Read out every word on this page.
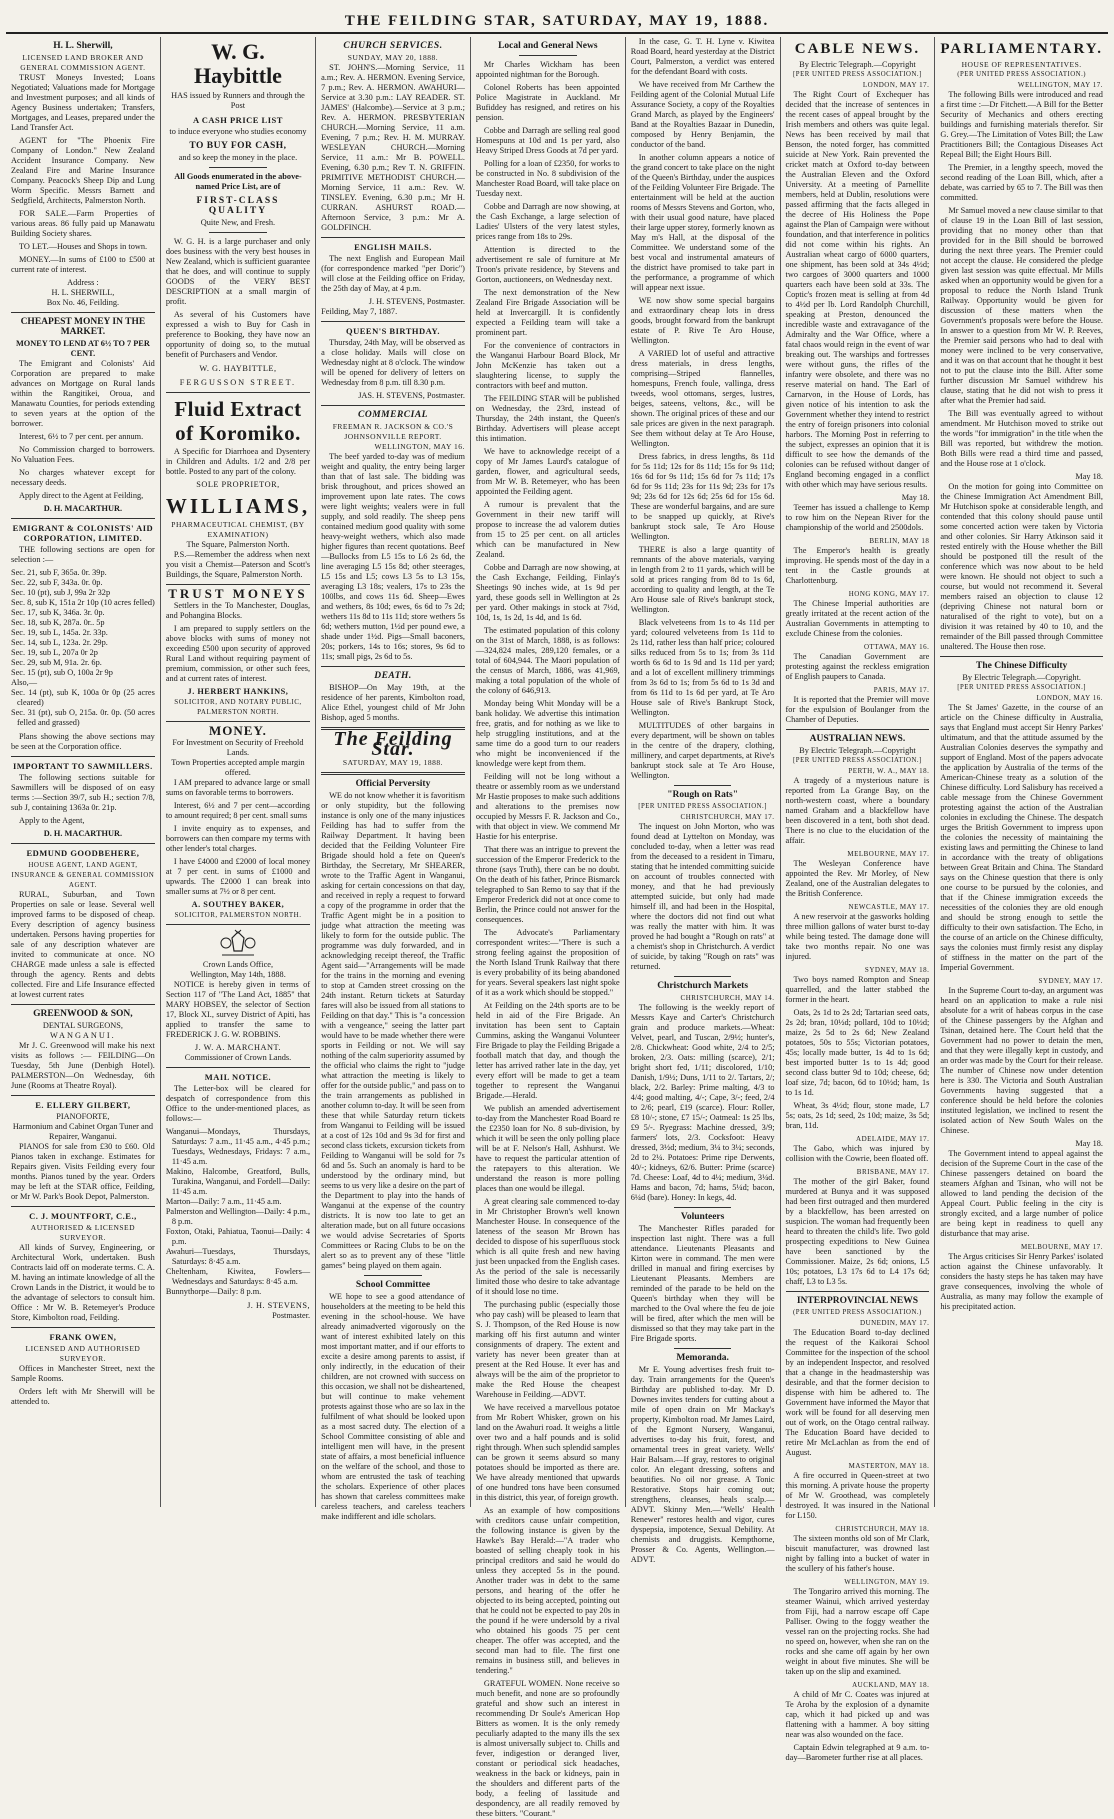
THE FEILDING STAR, SATURDAY, MAY 19, 1888.
H. L. Sherwill,
LICENSED LAND BROKER AND GENERAL COMMISSION AGENT.

TRUST Moneys Invested; Loans Negotiated; Valuations made for Mortgage and Investment purposes; and all kinds of Agency Business undertaken; Transfers, Mortgages, and Leases, prepared under the Land Transfer Act.

AGENT for "The Phoenix Fire Company of London." New Zealand Accident Insurance Company. New Zealand Fire and Marine Insurance Company. Peacock's Sheep Dip and Lung Worm Specific. Messrs Barnett and Sedgfield, Architects, Palmerston North.

FOR SALE.—Farm Properties of various areas. 86 fully paid up Manawatu Building Society shares.

TO LET.—Houses and Shops in town.

MONEY.—In sums of £100 to £500 at current rate of interest.

Address :
H. L. SHERWILL,
Box No. 46, Feilding.
CHEAPEST MONEY IN THE MARKET.
MONEY TO LEND AT 6½ TO 7 PER CENT.

The Emigrant and Colonists' Aid Corporation are prepared to make advances on Mortgage on Rural lands within the Rangitikei, Oroua, and Manawatu Counties, for periods extending to seven years at the option of the borrower.

Interest, 6½ to 7 per cent. per annum.

No Commission charged to borrowers. No Valuation Fees.

No charges whatever except for necessary deeds.

Apply direct to the Agent at Feilding,

D. H. MACARTHUR.
EMIGRANT & COLONISTS' AID CORPORATION, LIMITED.

THE following sections are open for selection :—

Sec. 21, sub F, 365a. 0r. 39p.
Sec. 22, sub F, 343a. 0r. 0p.
Sec. 10 (pt), sub J, 99a 2r 32p
Sec. 8, sub K, 151a 2r 10p (10 acres felled)
Sec. 17, sub K, 346a. 3r. 0p.
Sec. 18, sub K, 287a. 0r.. 5p
Sec. 19, sub L, 145a. 2r. 33p.
Sec. 14, sub L, 123a. 2r. 29p.
Sec. 19, sub L, 207a 0r 2p
Sec. 29, sub M, 91a. 2r. 6p.
Sec. 15 (pt), sub O, 100a 2r 9p
Also,—
Sec. 14 (pt), sub K, 100a 0r 0p (25 acres cleared)
Sec. 31 (pt), sub O, 215a. 0r. 0p. (50 acres felled and grassed)

Plans showing the above sections may be seen at the Corporation office.

IMPORTANT TO SAWMILLERS.

The following sections suitable for Sawmillers will be disposed of on easy terms :—Section 39/7, sub H.; section 7/8, sub J, containing 1363a 0r. 21p.

Apply to the Agent,

D. H. MACARTHUR.
EDMUND GOODBEHERE,
HOUSE AGENT, LAND AGENT, INSURANCE & GENERAL COMMISSION AGENT.

RURAL, Suburban, and Town Properties on sale or lease. Several well improved farms to be disposed of cheap. Every description of agency business undertaken. Persons having properties for sale of any description whatever are invited to communicate at once. NO CHARGE made unless a sale is effected through the agency. Rents and debts collected. Fire and Life Insurance effected at lowest current rates

GREENWOOD & SON,
DENTAL SURGEONS,
WANGANUI.

Mr J. C. Greenwood will make his next visits as follows :— FEILDING—On Tuesday, 5th June (Denbigh Hotel). PALMERSTON—On Wednesday, 6th June (Rooms at Theatre Royal).

E. ELLERY GILBERT,
PIANOFORTE,
Harmonium and Cabinet Organ Tuner and Repairer, Wanganui.

PIANOS for sale from £30 to £60. Old Pianos taken in exchange. Estimates for Repairs given. Visits Feilding every four months. Pianos tuned by the year. Orders may be left at the STAR office, Feilding, or Mr W. Park's Book Depot, Palmerston.

C. J. MOUNTFORT, C.E.,
AUTHORISED & LICENSED SURVEYOR.

All kinds of Survey, Engineering, or Architectural Work, undertaken. Bush Contracts laid off on moderate terms. C. A. M. having an intimate knowledge of all the Crown Lands in the District, it would be to the advantage of selectors to consult him. Office : Mr W. B. Retemeyer's Produce Store, Kimbolton road, Feilding.

FRANK OWEN,
LICENSED AND AUTHORISED SURVEYOR.

Offices in Manchester Street, next the Sample Rooms.

Orders left with Mr Sherwill will be attended to.

W. G. Haybittle
HAS issued by Runners and through the Post
A CASH PRICE LIST
to induce everyone who studies economy
TO BUY FOR CASH,
and so keep the money in the place.
All Goods enumerated in the above-named Price List, are of
FIRST-CLASS QUALITY
Quite New, and Fresh.

W. G. H. is a large purchaser and only does business with the very best houses in New Zealand, which is sufficient guarantee that he does, and will continue to supply GOODS of the VERY BEST DESCRIPTION at a small margin of profit.

As several of his Customers have expressed a wish to Buy for Cash in preference to Booking, they have now an opportunity of doing so, to the mutual benefit of Purchasers and Vendor.

W. G. HAYBITTLE,
FERGUSSON STREET.
Fluid Extract of Koromiko.

A Specific for Diarrhoea and Dysentery in Children and Adults. 1/2 and 2/8 per bottle. Posted to any part of the colony.

SOLE PROPRIETOR,
WILLIAMS,
PHARMACEUTICAL CHEMIST, (BY EXAMINATION)
The Square, Palmerston North.

P.S.—Remember the address when next you visit a Chemist—Paterson and Scott's Buildings, the Square, Palmerston North.

TRUST MONEYS

Settlers in the To Manchester, Douglas, and Pohangina Blocks.

I am prepared to supply settlers on the above blocks with sums of money not exceeding £500 upon security of approved Rural Land without requiring payment of premium, commission, or other such fees, and at current rates of interest.

J. HERBERT HANKINS,
SOLICITOR, AND NOTARY PUBLIC, PALMERSTON NORTH.
MONEY.
For Investment on Security of Freehold Lands.
Town Properties accepted ample margin offered.

I AM prepared to advance large or small sums on favorable terms to borrowers.

Interest, 6½ and 7 per cent—according to amount required; 8 per cent. small sums

I invite enquiry as to expenses, and borrowers can then compare my terms with other lender's total charges.

I have £4000 and £2000 of local money at 7 per cent. in sums of £1000 and upwards. The £2000 I can break into smaller sums at 7½ or 8 per cent.

A. SOUTHEY BAKER,
SOLICITOR, PALMERSTON NORTH.
Crown Lands Office,
Wellington, May 14th, 1888.

NOTICE is hereby given in terms of Section 117 of "The Land Act, 1885" that MARY HOBSEY, the selector of Section 17, Block XI., survey District of Apiti, has applied to transfer the same to FREDERICK J. G. W. ROBBINS.

J. W. A. MARCHANT.
Commissioner of Crown Lands.
MAIL NOTICE.

The Letter-box will be cleared for despatch of correspondence from this Office to the under-mentioned places, as follows:—

Wanganui—Mondays, Thursdays, Saturdays: 7 a.m., 11·45 a.m., 4·45 p.m.; Tuesdays, Wednesdays, Fridays: 7 a.m., 11·45 a.m.
Makino, Halcombe, Greatford, Bulls, Turakina, Wanganui, and Fordell—Daily: 11·45 a.m.
Marton—Daily: 7 a.m., 11·45 a.m.
Palmerston and Wellington—Daily: 4 p.m., 8 p.m.
Foxton, Otaki, Pahiatua, Taonui—Daily: 4 p.m.
Awahuri—Tuesdays, Thursdays, Saturdays: 8·45 a.m.
Cheltenham, Kiwitea, Fowlers—Wednesdays and Saturdays: 8·45 a.m.
Bunnythorpe—Daily: 8 p.m.
J. H. STEVENS,
Postmaster.
CHURCH SERVICES.
SUNDAY, MAY 20, 1888.

ST. JOHN'S.—Morning Service, 11 a.m.; Rev. A. HERMON. Evening Service, 7 p.m.; Rev. A. HERMON. AWAHURI—Service at 3.30 p.m.: LAY READER. ST. JAMES' (Halcombe).—Service at 3 p.m.; Rev. A. HERMON. PRESBYTERIAN CHURCH.—Morning Service, 11 a.m. Evening, 7 p.m.; Rev. H. M. MURRAY. WESLEYAN CHURCH.—Morning Service, 11 a.m.: Mr B. POWELL. Evening, 6.30 p.m.; Rev T. N. GRIFFIN. PRIMITIVE METHODIST CHURCH.—Morning Service, 11 a.m.: Rev. W. TINSLEY. Evening, 6.30 p.m.; Mr H. CURRAN. ASHURST ROAD.—Afternoon Service, 3 p.m.: Mr A. GOLDFINCH.

ENGLISH MAILS.

The next English and European Mail (for correspondence marked "per Doric") will close at the Feilding office on Friday, the 25th day of May, at 4 p.m.

J. H. STEVENS, Postmaster.
Feilding, May 7, 1887.
QUEEN'S BIRTHDAY.

Thursday, 24th May, will be observed as a close holiday. Mails will close on Wednesday night at 8 o'clock. The window will be opened for delivery of letters on Wednesday from 8 p.m. till 8.30 p.m.

JAS. H. STEVENS, Postmaster.
COMMERCIAL
FREEMAN R. JACKSON & CO.'S JOHNSONVILLE REPORT.
WELLINGTON, MAY 16.

The beef yarded to-day was of medium weight and quality, the entry being larger than that of last sale. The bidding was brisk throughout, and prices showed an improvement upon late rates. The cows were light weights; vealers were in full supply, and sold readily. The sheep pens contained medium good quality with some heavy-weight wethers, which also made higher figures than recent quotations. Beef—Bullocks from L5 15s to L6 2s 6d, the line averaging L5 15s 8d; other steerages, L5 15s and L5; cows L3 5s to L3 15s, averaging L3 18s; vealers, 17s to 23s the 100lbs, and cows 11s 6d. Sheep—Ewes and wethers, 8s 10d; ewes, 6s 6d to 7s 2d; wethers 11s 8d to 11s 11d; store wethers 5s 6d; wethers mutton, 1½d per pound ewe, a shade under 1½d. Pigs—Small baconers, 20s; porkers, 14s to 16s; stores, 9s 6d to 11s; small pigs, 2s 6d to 5s.

DEATH.

BISHOP—On May 19th, at the residence of her parents, Kimbolton road, Alice Ethel, youngest child of Mr John Bishop, aged 5 months.

The Feilding Star.
SATURDAY, MAY 19, 1888.
Official Perversity

WE do not know whether it is favoritism or only stupidity, but the following instance is only one of the many injustices Feilding has had to suffer from the Railway Department. It having been decided that the Feilding Volunteer Fire Brigade should hold a fete on Queen's Birthday, the Secretary, Mr SHEARER, wrote to the Traffic Agent in Wanganui, asking for certain concessions on that day, and received in reply a request to forward a copy of the programme in order that the Traffic Agent might be in a position to judge what attraction the meeting was likely to form for the outside public. The programme was duly forwarded, and in acknowledging receipt thereof, the Traffic Agent said—"Arrangements will be made for the trains in the morning and evening to stop at Camden street crossing on the 24th instant. Return tickets at Saturday fares will also be issued from all stations to Feilding on that day." This is "a concession with a vengeance," seeing the latter part would have to be made whether there were sports in Feilding or not. We will say nothing of the calm superiority assumed by the official who claims the right to "judge what attraction the meeting is likely to offer for the outside public," and pass on to the train arrangements as published in another column to-day. It will be seen from these that while Saturday return tickets from Wanganui to Feilding will be issued at a cost of 12s 10d and 9s 3d for first and second class tickets, excursion tickets from Feilding to Wanganui will be sold for 7s 6d and 5s. Such an anomaly is hard to be understood by the ordinary mind, but seems to us very like a desire on the part of the Department to play into the hands of Wanganui at the expense of the country districts. It is now too late to get an alteration made, but on all future occasions we would advise Secretaries of Sports Committees or Racing Clubs to be on the alert so as to prevent any of these "little games" being played on them again.

School Committee

WE hope to see a good attendance of householders at the meeting to be held this evening in the school-house. We have already animadverted vigorously on the want of interest exhibited lately on this most important matter, and if our efforts to excite a desire among parents to assist, if only indirectly, in the education of their children, are not crowned with success on this occasion, we shall not be disheartened, but will continue to make vehement protests against those who are so lax in the fulfilment of what should be looked upon as a most sacred duty. The election of a School Committee consisting of able and intelligent men will have, in the present state of affairs, a most beneficial influence on the welfare of the school, and those to whom are entrusted the task of teaching the scholars. Experience of other places has shown that careless committees make careless teachers, and careless teachers make indifferent and idle scholars.

Local and General News

Mr Charles Wickham has been appointed nightman for the Borough.

Colonel Roberts has been appointed Police Magistrate in Auckland. Mr Bufiddey has resigned, and retires on his pension.

Cobbe and Darragh are selling real good Homespuns at 10d and 1s per yard, also Heavy Striped Dress Goods at 7d per yard.

Polling for a loan of £2350, for works to be constructed in No. 8 subdivision of the Manchester Road Board, will take place on Tuesday next.

Cobbe and Darragh are now showing, at the Cash Exchange, a large selection of Ladies' Ulsters of the very latest styles, prices range from 18s to 29s.

Attention is directed to the advertisement re sale of furniture at Mr Troon's private residence, by Stevens and Gorton, auctioneers, on Wednesday next.

The next demonstration of the New Zealand Fire Brigade Association will be held at Invercargill. It is confidently expected a Feilding team will take a prominent part.

For the convenience of contractors in the Wanganui Harbour Board Block, Mr John McKenzie has taken out a slaughtering license, to supply the contractors with beef and mutton.

The FEILDING STAR will be published on Wednesday, the 23rd, instead of Thursday, the 24th instant, the Queen's Birthday. Advertisers will please accept this intimation.

We have to acknowledge receipt of a copy of Mr James Laurd's catalogue of garden, flower, and agricultural seeds, from Mr W. B. Retemeyer, who has been appointed the Feilding agent.

A rumour is prevalent that the Government in their new tariff will propose to increase the ad valorem duties from 15 to 25 per cent. on all articles which can be manufactured in New Zealand.

Cobbe and Darragh are now showing, at the Cash Exchange, Feilding, Finlay's Sheetings 90 inches wide, at 1s 9d per yard, these goods sell in Wellington at 2s per yard. Other makings in stock at 7½d, 10d, 1s, 1s 2d, 1s 4d, and 1s 6d.

The estimated population of this colony on the 31st of March, 1888, is as follows:—324,824 males, 289,120 females, or a total of 604,944. The Maori population of the census of March, 1886, was 41,969, making a total population of the whole of the colony of 646,913.

Monday being Whit Monday will be a bank holiday. We advertise this intimation free, gratis, and for nothing as we like to help struggling institutions, and at the same time do a good turn to our readers who might be inconvenienced if the knowledge were kept from them.

Feilding will not be long without a theatre or assembly room as we understand Mr Hastie proposes to make such additions and alterations to the premises now occupied by Messrs F. R. Jackson and Co., with that object in view. We commend Mr Hastie for his enterprise.

That there was an intrigue to prevent the succession of the Emperor Frederick to the throne (says Truth), there can be no doubt. On the death of his father, Prince Bismarck telegraphed to San Remo to say that if the Emperor Frederick did not at once come to Berlin, the Prince could not answer for the consequences.

The Advocate's Parliamentary correspondent writes:—"There is such a strong feeling against the proposition of the North Island Trunk Railway that there is every probability of its being abandoned for years. Several speakers last night spoke of it as a work which should be stopped."

At Feilding on the 24th sports are to be held in aid of the Fire Brigade. An invitation has been sent to Captain Cummins, asking the Wanganui Volunteer Fire Brigade to play the Feilding Brigade a football match that day, and though the letter has arrived rather late in the day, yet every effort will be made to get a team together to represent the Wanganui Brigade.—Herald.

We publish an amended advertisement to-day from the Manchester Road Board re the £2350 loan for No. 8 sub-division, by which it will be seen the only polling place will be at F. Nelson's Hall, Ashhurst. We have to request the particular attention of the ratepayers to this alteration. We understand the reason is more polling places than one would be illegal.

A great clearing sale commenced to-day in Mr Christopher Brown's well known Manchester House. In consequence of the lateness of the season Mr Brown has decided to dispose of his superfluous stock which is all quite fresh and new having just been unpacked from the English cases. As the period of the sale is necessarily limited those who desire to take advantage of it should lose no time.

The purchasing public (especially those who pay cash) will be pleased to learn that S. J. Thompson, of the Red House is now marking off his first autumn and winter consignments of drapery. The extent and variety has never been greater than at present at the Red House. It ever has and always will be the aim of the proprietor to make the Red House the cheapest Warehouse in Feilding.—ADVT.

We have received a marvellous potatoe from Mr Robert Whisker, grown on his land on the Awahuri road. It weighs a little over two and a half pounds and is solid right through. When such splendid samples can be grown it seems absurd so many potatoes should be imported as there are. We have already mentioned that upwards of one hundred tons have been consumed in this district, this year, of foreign growth.

As an example of how compositions with creditors cause unfair competition, the following instance is given by the Hawke's Bay Herald:—"A trader who boasted of selling cheaply took in his principal creditors and said he would do unless they accepted 5s in the pound. Another trader was in debt to the same persons, and hearing of the offer he objected to its being accepted, pointing out that he could not be expected to pay 20s in the pound if he were undersold by a rival who obtained his goods 75 per cent cheaper. The offer was accepted, and the second man had to file. The first one remains in business still, and believes in tendering."

GRATEFUL WOMEN. None receive so much benefit, and none are so profoundly grateful and show such an interest in recommending Dr Soule's American Hop Bitters as women. It is the only remedy peculiarly adapted to the many ills the sex is almost universally subject to. Chills and fever, indigestion or deranged liver, constant or periodical sick headaches, weakness in the back or kidneys, pain in the shoulders and different parts of the body, a feeling of lassitude and despondency, are all readily removed by these bitters. "Courant."

In the case, G. T. H. Lyne v. Kiwitea Road Board, heard yesterday at the District Court, Palmerston, a verdict was entered for the defendant Board with costs.

We have received from Mr Carthew the Feilding agent of the Colonial Mutual Life Assurance Society, a copy of the Royalties Grand March, as played by the Engineers' Band at the Royalties Bazaar in Dunedin, composed by Henry Benjamin, the conductor of the band.

In another column appears a notice of the grand concert to take place on the night of the Queen's Birthday, under the auspices of the Feilding Volunteer Fire Brigade. The entertainment will be held at the auction rooms of Messrs Stevens and Gorton, who, with their usual good nature, have placed their large upper storey, formerly known as May m's Hall, at the disposal of the Committee. We understand some of the best vocal and instrumental amateurs of the district have promised to take part in the performance, a programme of which will appear next issue.

WE now show some special bargains and extraordinary cheap lots in dress goods, brought forward from the bankrupt estate of P. Rive Te Aro House, Wellington.

A VARIED lot of useful and attractive dress materials, in dress lengths, comprising—Striped flannelles, homespuns, French foule, vallinga, dress tweeds, wool ottomans, serges, lustres, beiges, sateens, veltons, &c., will be shown. The original prices of these and our sale prices are given in the next paragraph. See them without delay at Te Aro House, Wellington.

Dress fabrics, in dress lengths, 8s 11d for 5s 11d; 12s for 8s 11d; 15s for 9s 11d; 16s 6d for 9s 11d; 15s 6d for 7s 11d; 17s 6d for 9s 11d; 23s for 11s 9d; 23s for 17s 9d; 23s 6d for 12s 6d; 25s 6d for 15s 6d. These are wonderful bargains, and are sure to be snapped up quickly, at Rive's bankrupt stock sale, Te Aro House Wellington.

THERE is also a large quantity of remnants of the above materials, varying in length from 2 to 11 yards, which will be sold at prices ranging from 8d to 1s 6d, according to quality and length, at the Te Aro House sale of Rive's bankrupt stock, Wellington.

Black velveteens from 1s to 4s 11d per yard; coloured velveteens from 1s 11d to 2s 11d, rather less than half price; coloured silks reduced from 5s to 1s; from 3s 11d worth 6s 6d to 1s 9d and 1s 11d per yard; and a lot of excellent millinery trimmings from 3s 6d to 1s; from 5s 6d to 1s 3d and from 6s 11d to 1s 6d per yard, at Te Aro House sale of Rive's Bankrupt Stock, Wellington.

MULTITUDES of other bargains in every department, will be shown on tables in the centre of the drapery, clothing, millinery, and carpet departments, at Rive's bankrupt stock sale at Te Aro House, Wellington.

"Rough on Rats"
[PER UNITED PRESS ASSOCIATION.]
CHRISTCHURCH, MAY 17.

The inquest on John Morton, who was found dead at Lyttelton on Monday, was concluded to-day, when a letter was read from the deceased to a resident in Timaru, stating that he intended committing suicide on account of troubles connected with money, and that he had previously attempted suicide, but only had made himself ill, and had been in the Hospital, where the doctors did not find out what was really the matter with him. It was proved he had bought a "Rough on rats" at a chemist's shop in Christchurch. A verdict of suicide, by taking "Rough on rats" was returned.

Christchurch Markets
CHRISTCHURCH, MAY 14.

The following is the weekly report of Messrs Kaye and Carter's Christchurch grain and produce markets.—Wheat: Velvet, pearl, and Tuscan, 2/9½; hunter's, 2/8. Chickwheat: Good white, 2/4 to 2/5; broken, 2/3. Oats: milling (scarce), 2/1; bright short fed, 1/11; discolored, 1/10; Danish, 1/9½; Duns, 1/11 to 2/. Tartars, 2/; black, 2/2. Barley: Prime malting, 4/3 to 4/4; good malting, 4/-; Cape, 3/-; feed, 2/4 to 2/6; pearl, £19 (scarce). Flour: Roller, £8 10/-; stone, £7 15/-; Oatmeal: 1s 25 lbs, £9 5/-. Ryegrass: Machine dressed, 3/9; farmers' lots, 2/3. Cocksfoot: Heavy dressed, 3½d; medium, 3¼ to 3¼; seconds, 2d to 2¼. Potatoes: Prime ripe Derwents, 40/-; kidneys, 62/6. Butter: Prime (scarce) 7d. Cheese: Loaf, 4d to 4¼; medium, 3¼d. Hams and bacon, 7d; hams, 5¼d; bacon, 6¼d (bare). Honey: In kegs, 4d.

Volunteers

The Manchester Rifles paraded for inspection last night. There was a full attendance. Lieutenants Pleasants and Kirton were in command. The men were drilled in manual and firing exercises by Lieutenant Pleasants. Members are reminded of the parade to be held on the Queen's birthday when they will be marched to the Oval where the feu de joie will be fired, after which the men will be dismissed so that they may take part in the Fire Brigade sports.

Memoranda.

Mr E. Young advertises fresh fruit to-day. Train arrangements for the Queen's Birthday are published to-day. Mr D. Downes invites tenders for cutting about a mile of open drain on Mr Mackay's property, Kimbolton road. Mr James Laird, of the Egmont Nursery, Wanganui, advertises to-day his fruit, forest, and ornamental trees in great variety. Wells' Hair Balsam.—If gray, restores to original color. An elegant dressing, softens and beautifies. No oil nor grease. A Tonic Restorative. Stops hair coming out; strengthens, cleanses, heals scalp.—ADVT. Skinny Men.—"Wells' Health Renewer" restores health and vigor, cures dyspepsia, impotence, Sexual Debility. At chemists and druggists. Kempthorne, Prosser & Co. Agents, Wellington.—ADVT.

CABLE NEWS.
By Electric Telegraph.—Copyright
[PER UNITED PRESS ASSOCIATION.]
LONDON, MAY 17.

The Right Court of Exchequer has decided that the increase of sentences in the recent cases of appeal brought by the Irish members and others was quite legal. News has been received by mail that Benson, the noted forger, has committed suicide at New York. Rain prevented the cricket match at Oxford to-day between the Australian Eleven and the Oxford University. At a meeting of Parnellite members, held at Dublin, resolutions were passed affirming that the facts alleged in the decree of His Holiness the Pope against the Plan of Campaign were without foundation, and that interference in politics did not come within his rights. An Australian wheat cargo of 6000 quarters, one shipment, has been sold at 34s 4½d; two cargoes of 3000 quarters and 1000 quarters each have been sold at 33s. The Coptic's frozen meat is selling at from 4d to 4½d per lb. Lord Randolph Churchill, speaking at Preston, denounced the incredible waste and extravagance of the Admiralty and the War Office, where a fatal chaos would reign in the event of war breaking out. The warships and fortresses were without guns, the rifles of the infantry were obsolete, and there was no reserve material on hand. The Earl of Carnarvon, in the House of Lords, has given notice of his intention to ask the Government whether they intend to restrict the entry of foreign prisoners into colonial harbors. The Morning Post in referring to the subject, expresses an opinion that it is difficult to see how the demands of the colonies can be refused without danger of England becoming engaged in a conflict with other which may have serious results.

May 18.

Teemer has issued a challenge to Kemp to row him on the Nepean River for the championship of the world and 2500dols.

BERLIN, MAY 18

The Emperor's health is greatly improving. He spends most of the day in a tent in the Castle grounds at Charlottenburg.

HONG KONG, MAY 17.

The Chinese Imperial authorities are greatly irritated at the recent action of the Australian Governments in attempting to exclude Chinese from the colonies.

OTTAWA, MAY 16.

The Canadian Government are protesting against the reckless emigration of English paupers to Canada.

PARIS, MAY 17.

It is reported that the Premier will move for the expulsion of Boulanger from the Chamber of Deputies.

AUSTRALIAN NEWS.
By Electric Telegraph.—Copyright
[PER UNITED PRESS ASSOCIATION.]
PERTH, W. A., MAY 18.

A tragedy of a mysterious nature is reported from La Grange Bay, on the north-western coast, where a boundary named Graham and a blackfellow have been discovered in a tent, both shot dead. There is no clue to the elucidation of the affair.

MELBOURNE, MAY 17.

The Wesleyan Conference have appointed the Rev. Mr Morley, of New Zealand, one of the Australian delegates to the British Conference.

NEWCASTLE, MAY 17.

A new reservoir at the gasworks holding three million gallons of water burst to-day while being tested. The damage done will take two months repair. No one was injured.

SYDNEY, MAY 18.

Two boys named Rompton and Sneap quarrelled, and the latter stabbed the former in the heart.

Oats, 2s 1d to 2s 2d; Tartarian seed oats, 2s 2d; bran, 10½d; pollard, 10d to 10½d; maize, 2s 5d to 2s 6d; New Zealand potatoes, 50s to 55s; Victorian potatoes, 45s; locally made butter, 1s 4d to 1s 6d; best imported butter 1s to 1s 4d; good second class butter 9d to 10d; cheese, 6d; loaf size, 7d; bacon, 6d to 10½d; ham, 1s to 1s 1d.

Wheat, 3s 4½d; flour, stone made, L7 5s; oats, 2s 1d; seed, 2s 10d; maize, 3s 5d; bran, 11d.

ADELAIDE, MAY 17.

The Gabo, which was injured by collision with the Cowrie, been floated off.

BRISBANE, MAY 17.

The mother of the girl Baker, found murdered at Bunya and it was supposed had been first outraged and then murdered by a blackfellow, has been arrested on suspicion. The woman had frequently been heard to threaten the child's life. Two gold prospecting expeditions to New Guinea have been sanctioned by the Commissioner. Maize, 2s 6d; onions, L5 10s; potatoes, L3 17s 6d to L4 17s 6d; chaff, L3 to L3 5s.

INTERPROVINCIAL NEWS
(PER UNITED PRESS ASSOCIATION.)
DUNEDIN, MAY 17.

The Education Board to-day declined the request of the Kaikorai School Committee for the inspection of the school by an independent Inspector, and resolved that a change in the headmastership was desirable, and that the former decision to dispense with him be adhered to. The Government have informed the Mayor that work will be found for all deserving men out of work, on the Otago central railway. The Education Board have decided to retire Mr McLachlan as from the end of August.

MASTERTON, MAY 18.

A fire occurred in Queen-street at two this morning. A private house the property of Mr W. Groothead, was completely destroyed. It was insured in the National for L150.

CHRISTCHURCH, MAY 18.

The sixteen months old son of Mr Clark, biscuit manufacturer, was drowned last night by falling into a bucket of water in the scullery of his father's house.

WELLINGTON, MAY 19.

The Tongariro arrived this morning. The steamer Wainui, which arrived yesterday from Fiji, had a narrow escape off Cape Palliser. Owing to the foggy weather the vessel ran on the projecting rocks. She had no speed on, however, when she ran on the rocks and she came off again by her own weight in about five minutes. She will be taken up on the slip and examined.

AUCKLAND, MAY 18.

A child of Mr C. Coates was injured at Te Aroha by the explosion of a dynamite cap, which it had picked up and was flattening with a hammer. A boy sitting near was also wounded on the face.

Captain Edwin telegraphed at 9 a.m. to-day—Barometer further rise at all places.

PARLIAMENTARY.
HOUSE OF REPRESENTATIVES.
(PER UNITED PRESS ASSOCIATION.)
WELLINGTON, MAY 17.

The following Bills were introduced and read a first time :—Dr Fitchett.—A Bill for the Better Security of Mechanics and others erecting buildings and furnishing materials therefor. Sir G. Grey.—The Limitation of Votes Bill; the Law Practitioners Bill; the Contagious Diseases Act Repeal Bill; the Eight Hours Bill.

The Premier, in a lengthy speech, moved the second reading of the Loan Bill, which, after a debate, was carried by 65 to 7. The Bill was then committed.

Mr Samuel moved a new clause similar to that of clause 19 in the Loan Bill of last session, providing that no money other than that provided for in the Bill should be borrowed during the next three years. The Premier could not accept the clause. He considered the pledge given last session was quite effectual. Mr Mills asked when an opportunity would be given for a proposal to reduce the North Island Trunk Railway. Opportunity would be given for discussion of these matters when the Government's proposals were before the House. In answer to a question from Mr W. P. Reeves, the Premier said persons who had to deal with money were inclined to be very conservative, and it was on that account that he thought it best not to put the clause into the Bill. After some further discussion Mr Samuel withdrew his clause, stating that he did not wish to press it after what the Premier had said.

The Bill was eventually agreed to without amendment. Mr Hutchison moved to strike out the words "for immigration" in the title when the Bill was reported, but withdrew the motion. Both Bills were read a third time and passed, and the House rose at 1 o'clock.

May 18.

On the motion for going into Committee on the Chinese Immigration Act Amendment Bill, Mr Hutchison spoke at considerable length, and contended that this colony should pause until some concerted action were taken by Victoria and other colonies. Sir Harry Atkinson said it rested entirely with the House whether the Bill should be postponed till the result of the conference which was now about to be held were known. He should not object to such a course, but would not recommend it. Several members raised an objection to clause 12 (depriving Chinese not natural born or naturalised of the right to vote), but on a division it was retained by 40 to 10, and the remainder of the Bill passed through Committee unaltered. The House then rose.

The Chinese Difficulty
By Electric Telegraph.—Copyright.
[PER UNITED PRESS ASSOCIATION.]
LONDON, MAY 16.

The St James' Gazette, in the course of an article on the Chinese difficulty in Australia, says that England must accept Sir Henry Parkes' ultimatum, and that the attitude assumed by the Australian Colonies deserves the sympathy and support of England. Most of the papers advocate the application by Australia of the terms of the American-Chinese treaty as a solution of the Chinese difficulty. Lord Salisbury has received a cable message from the Chinese Government protesting against the action of the Australian colonies in excluding the Chinese. The despatch urges the British Government to impress upon the colonies the necessity of maintaining the existing laws and permitting the Chinese to land in accordance with the treaty of obligations between Great Britain and China. The Standard says on the Chinese question that there is only one course to be pursued by the colonies, and that if the Chinese immigration exceeds the necessities of the colonies they are old enough and should be strong enough to settle the difficulty to their own satisfaction. The Echo, in the course of an article on the Chinese difficulty, says the colonies must firmly resist any display of stiffness in the matter on the part of the Imperial Government.

SYDNEY, MAY 17.

In the Supreme Court to-day, an argument was heard on an application to make a rule nisi absolute for a writ of habeas corpus in the case of the Chinese passengers by the Afghan and Tsinan, detained here. The Court held that the Government had no power to detain the men, and that they were illegally kept in custody, and an order was made by the Court for their release. The number of Chinese now under detention here is 330. The Victoria and South Australian Governments having suggested that a conference should be held before the colonies instituted legislation, we inclined to resent the isolated action of New South Wales on the Chinese.

May 18.

The Government intend to appeal against the decision of the Supreme Court in the case of the Chinese passengers detained on board the steamers Afghan and Tsinan, who will not be allowed to land pending the decision of the Appeal Court. Public feeling in the city is strongly excited, and a large number of police are being kept in readiness to quell any disturbance that may arise.

MELBOURNE, MAY 17.

The Argus criticises Sir Henry Parkes' isolated action against the Chinese unfavorably. It considers the hasty steps he has taken may have grave consequences, involving the whole of Australia, as many may follow the example of his precipitated action.
